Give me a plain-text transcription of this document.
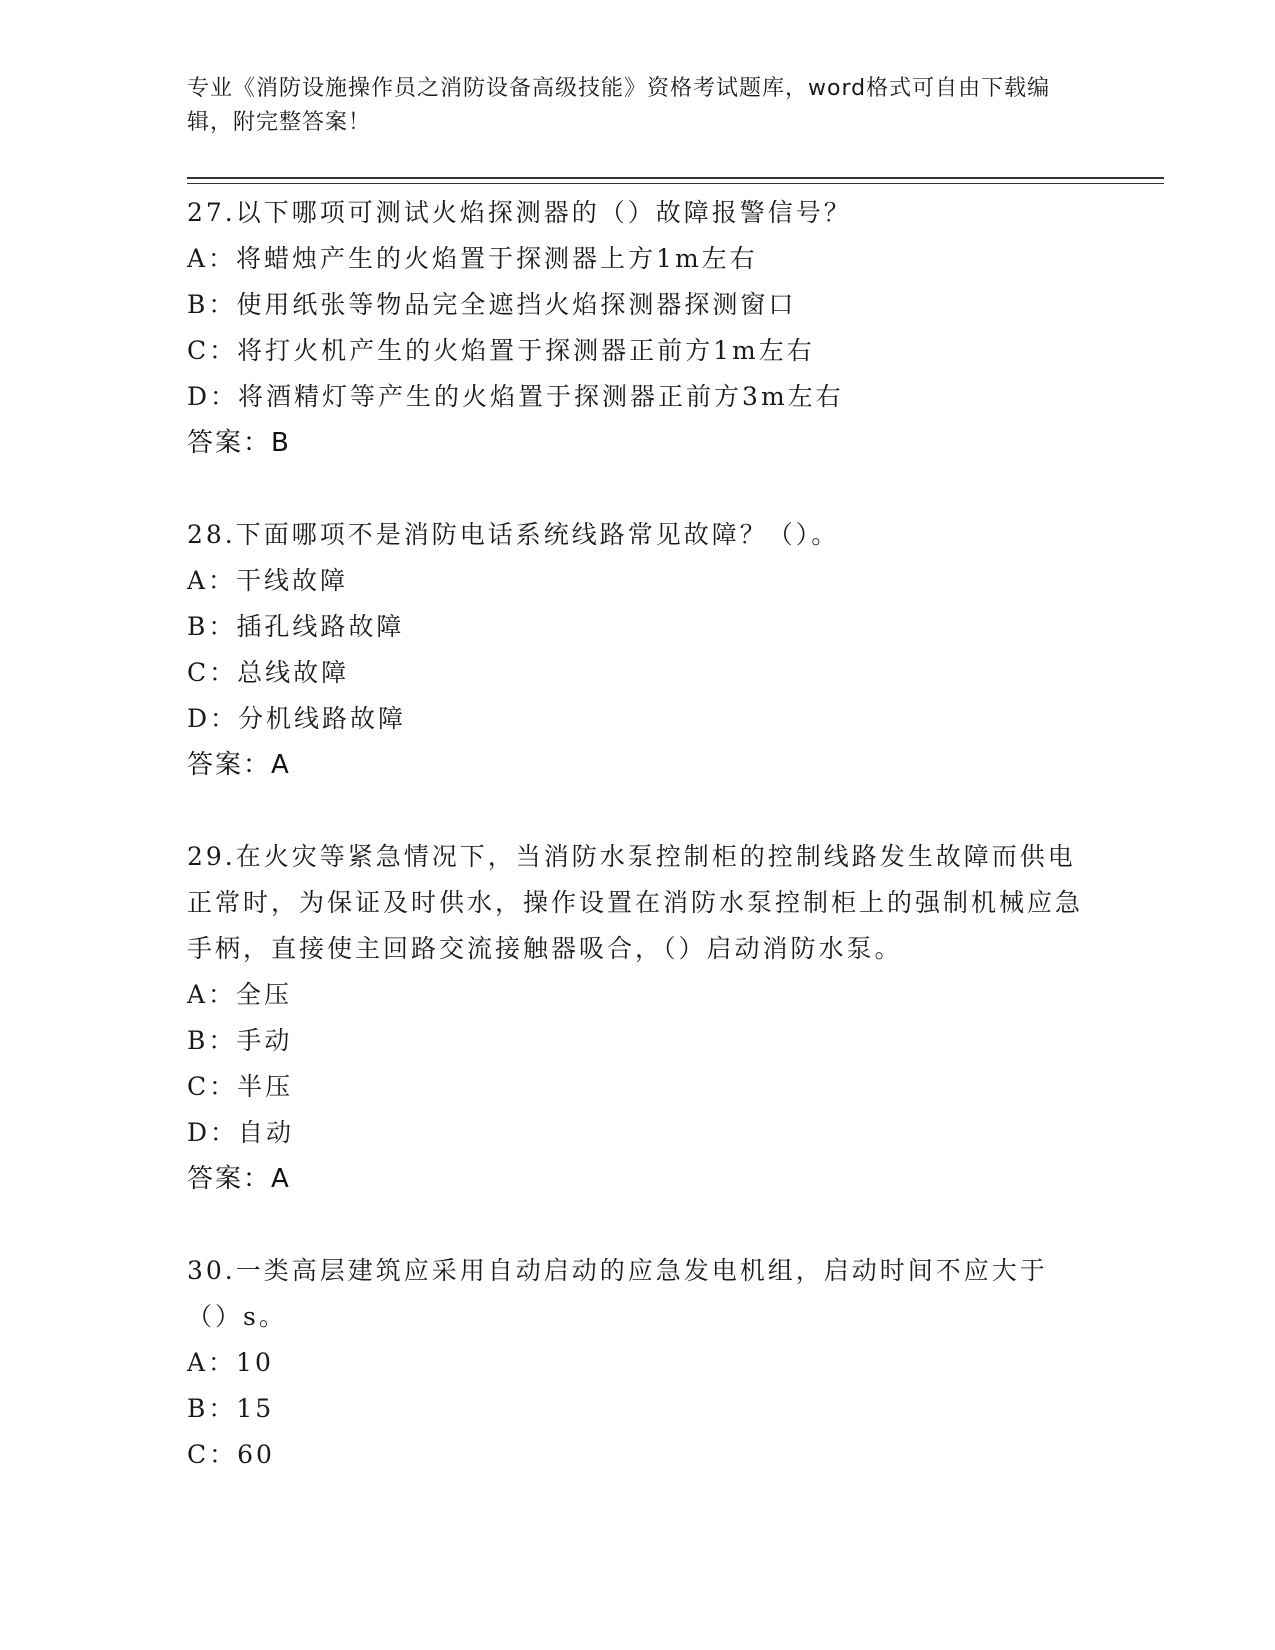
专业《消防设施操作员之消防设备高级技能》资格考试题库，word格式可自由下载编辑，附完整答案！
27.以下哪项可测试火焰探测器的（）故障报警信号？
A：将蜡烛产生的火焰置于探测器上方1m左右
B：使用纸张等物品完全遮挡火焰探测器探测窗口
C：将打火机产生的火焰置于探测器正前方1m左右
D：将酒精灯等产生的火焰置于探测器正前方3m左右
答案：B
28.下面哪项不是消防电话系统线路常见故障？（）。
A：干线故障
B：插孔线路故障
C：总线故障
D：分机线路故障
答案：A
29.在火灾等紧急情况下，当消防水泵控制柜的控制线路发生故障而供电正常时，为保证及时供水，操作设置在消防水泵控制柜上的强制机械应急手柄，直接使主回路交流接触器吸合，（）启动消防水泵。
A：全压
B：手动
C：半压
D：自动
答案：A
30.一类高层建筑应采用自动启动的应急发电机组，启动时间不应大于（）s。
A：10
B：15
C：60
